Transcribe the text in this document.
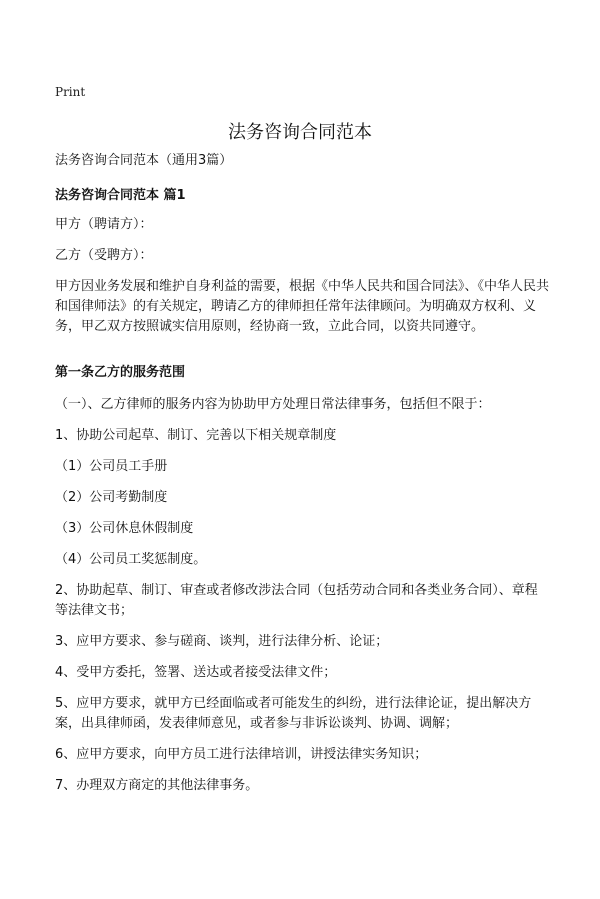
Print
法务咨询合同范本

法务咨询合同范本（通用3篇）

法务咨询合同范本 篇1

甲方（聘请方）：

乙方（受聘方）：

甲方因业务发展和维护自身利益的需要，根据《中华人民共和国合同法》、《中华人民共和国律师法》的有关规定，聘请乙方的律师担任常年法律顾问。为明确双方权利、义务，甲乙双方按照诚实信用原则，经协商一致，立此合同，以资共同遵守。

第一条乙方的服务范围

（一）、乙方律师的服务内容为协助甲方处理日常法律事务，包括但不限于：

1、协助公司起草、制订、完善以下相关规章制度

（1）公司员工手册

（2）公司考勤制度

（3）公司休息休假制度

（4）公司员工奖惩制度。

2、协助起草、制订、审查或者修改涉法合同（包括劳动合同和各类业务合同）、章程等法律文书；

3、应甲方要求、参与磋商、谈判，进行法律分析、论证；

4、受甲方委托，签署、送达或者接受法律文件；

5、应甲方要求，就甲方已经面临或者可能发生的纠纷，进行法律论证，提出解决方案，出具律师函，发表律师意见，或者参与非诉讼谈判、协调、调解；

6、应甲方要求，向甲方员工进行法律培训，讲授法律实务知识；

7、办理双方商定的其他法律事务。
